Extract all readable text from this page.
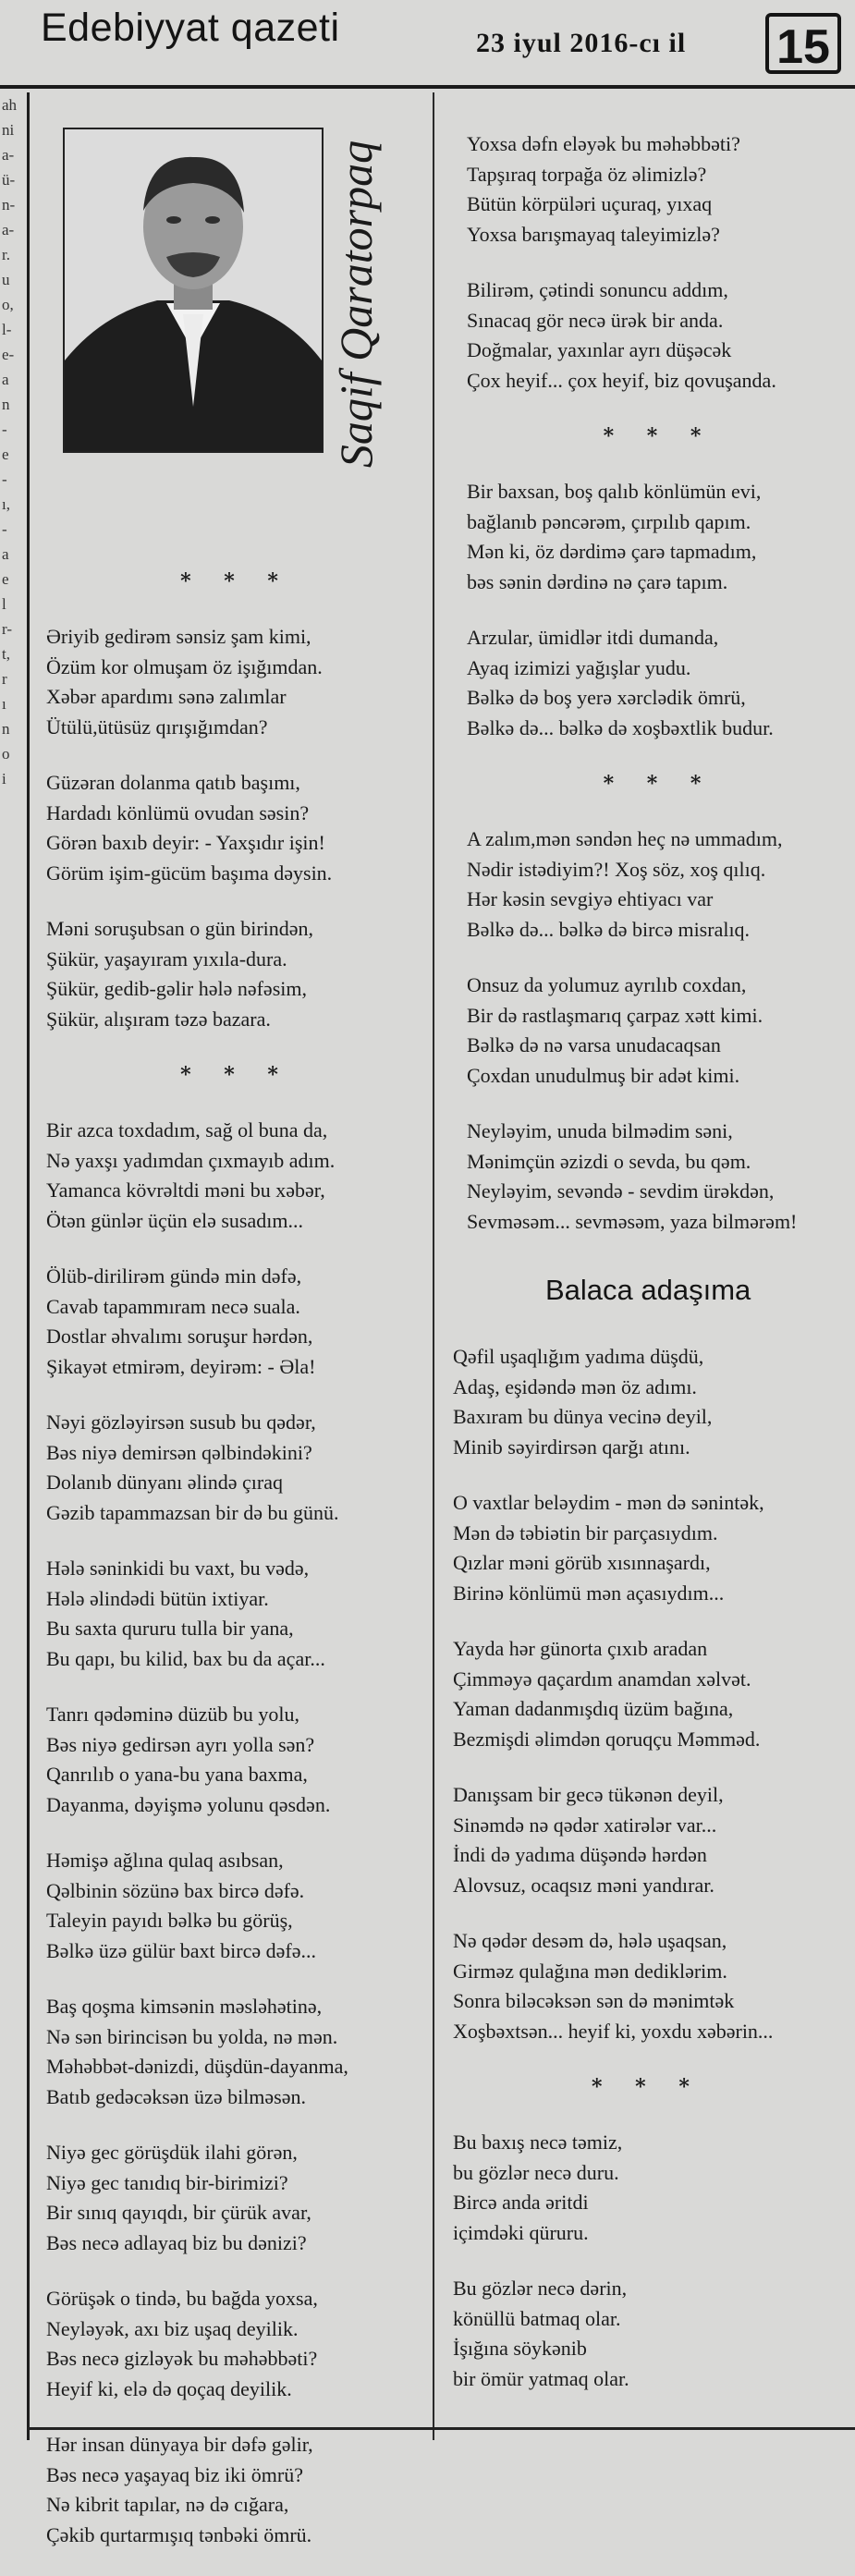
Edebiyyat qazeti	23 iyul 2016-cı il 15
ah
ni
a-
ü-
n-
a-
r.
u
o,
l-
e-
a
n
-
e
-
ı,
-
a
e
l
r-
t,
r
ı
n
o
i
Saqif Qaratorpaq
* * *
Əriyib gedirəm sənsiz şam kimi,
Özüm kor olmuşam öz işığımdan.
Xəbər apardımı sənə zalımlar
Ütülü,ütüsüz qırışığımdan?
Güzəran dolanma qatıb başımı,
Hardadı könlümü ovudan səsin?
Görən baxıb deyir: - Yaxşıdır işin!
Görüm işim-gücüm başıma dəysin.
Məni soruşubsan o gün birindən,
Şükür, yaşayıram yıxıla-dura.
Şükür, gedib-gəlir hələ nəfəsim,
Şükür, alışıram təzə bazara.
* * *
Bir azca toxdadım, sağ ol buna da,
Nə yaxşı yadımdan çıxmayıb adım.
Yamanca kövrəltdi məni bu xəbər,
Ötən günlər üçün elə susadım...
Ölüb-dirilirəm gündə min dəfə,
Cavab tapammıram necə suala.
Dostlar əhvalımı soruşur hərdən,
Şikayət etmirəm, deyirəm: - Əla!
Nəyi gözləyirsən susub bu qədər,
Bəs niyə demirsən qəlbindəkini?
Dolanıb dünyanı əlində çıraq
Gəzib tapammazsan bir də bu günü.
Hələ səninkidi bu vaxt, bu vədə,
Hələ əlindədi bütün ixtiyar.
Bu saxta qururu tulla bir yana,
Bu qapı, bu kilid, bax bu da açar...
Tanrı qədəminə düzüb bu yolu,
Bəs niyə gedirsən ayrı yolla sən?
Qanrılıb o yana-bu yana baxma,
Dayanma, dəyişmə yolunu qəsdən.
Həmişə ağlına qulaq asıbsan,
Qəlbinin sözünə bax bircə dəfə.
Taleyin payıdı bəlkə bu görüş,
Bəlkə üzə gülür baxt bircə dəfə...
Baş qoşma kimsənin məsləhətinə,
Nə sən birincisən bu yolda, nə mən.
Məhəbbət-dənizdi, düşdün-dayanma,
Batıb gedəcəksən üzə bilməsən.
Niyə gec görüşdük ilahi görən,
Niyə gec tanıdıq bir-birimizi?
Bir sınıq qayıqdı, bir çürük avar,
Bəs necə adlayaq biz bu dənizi?
Görüşək o tində, bu bağda yoxsa,
Neyləyək, axı biz uşaq deyilik.
Bəs necə gizləyək bu məhəbbəti?
Heyif ki, elə də qoçaq deyilik.
Hər insan dünyaya bir dəfə gəlir,
Bəs necə yaşayaq biz iki ömrü?
Nə kibrit tapılar, nə də cığara,
Çəkib qurtarmışıq tənbəki ömrü.
Yoxsa dəfn eləyək bu məhəbbəti?
Tapşıraq torpağa öz əlimizlə?
Bütün körpüləri uçuraq, yıxaq
Yoxsa barışmayaq taleyimizlə?
Bilirəm, çətindi sonuncu addım,
Sınacaq gör necə ürək bir anda.
Doğmalar, yaxınlar ayrı düşəcək
Çox heyif... çox heyif, biz qovuşanda.
* * *
Bir baxsan, boş qalıb könlümün evi,
bağlanıb pəncərəm, çırpılıb qapım.
Mən ki, öz dərdimə çarə tapmadım,
bəs sənin dərdinə nə çarə tapım.
Arzular, ümidlər itdi dumanda,
Ayaq izimizi yağışlar yudu.
Bəlkə də boş yerə xərclədik ömrü,
Bəlkə də... bəlkə də xoşbəxtlik budur.
* * *
A zalım,mən səndən heç nə ummadım,
Nədir istədiyim?! Xoş söz, xoş qılıq.
Hər kəsin sevgiyə ehtiyacı var
Bəlkə də... bəlkə də bircə misralıq.
Onsuz da yolumuz ayrılıb coxdan,
Bir də rastlaşmarıq çarpaz xətt kimi.
Bəlkə də nə varsa unudacaqsan
Çoxdan unudulmuş bir adət kimi.
Neyləyim, unuda bilmədim səni,
Mənimçün əzizdi o sevda, bu qəm.
Neyləyim, sevəndə - sevdim ürəkdən,
Sevməsəm... sevməsəm, yaza bilmərəm!
Balaca adaşıma
Qəfil uşaqlığım yadıma düşdü,
Adaş, eşidəndə mən öz adımı.
Baxıram bu dünya vecinə deyil,
Minib səyirdirsən qarğı atını.
O vaxtlar beləydim - mən də sənintək,
Mən də təbiətin bir parçasıydım.
Qızlar məni görüb xısınnaşardı,
Birinə könlümü mən açasıydım...
Yayda hər günorta çıxıb aradan
Çimməyə qaçardım anamdan xəlvət.
Yaman dadanmışdıq üzüm bağına,
Bezmişdi əlimdən qoruqçu Məmməd.
Danışsam bir gecə tükənən deyil,
Sinəmdə nə qədər xatirələr var...
İndi də yadıma düşəndə hərdən
Alovsuz, ocaqsız məni yandırar.
Nə qədər desəm də, hələ uşaqsan,
Girməz qulağına mən dediklərim.
Sonra biləcəksən sən də mənimtək
Xoşbəxtsən... heyif ki, yoxdu xəbərin...
* * *
Bu baxış necə təmiz,
bu gözlər necə duru.
Bircə anda əritdi
içimdəki qüruru.
Bu gözlər necə dərin,
könüllü batmaq olar.
İşığına söykənib
bir ömür yatmaq olar.
